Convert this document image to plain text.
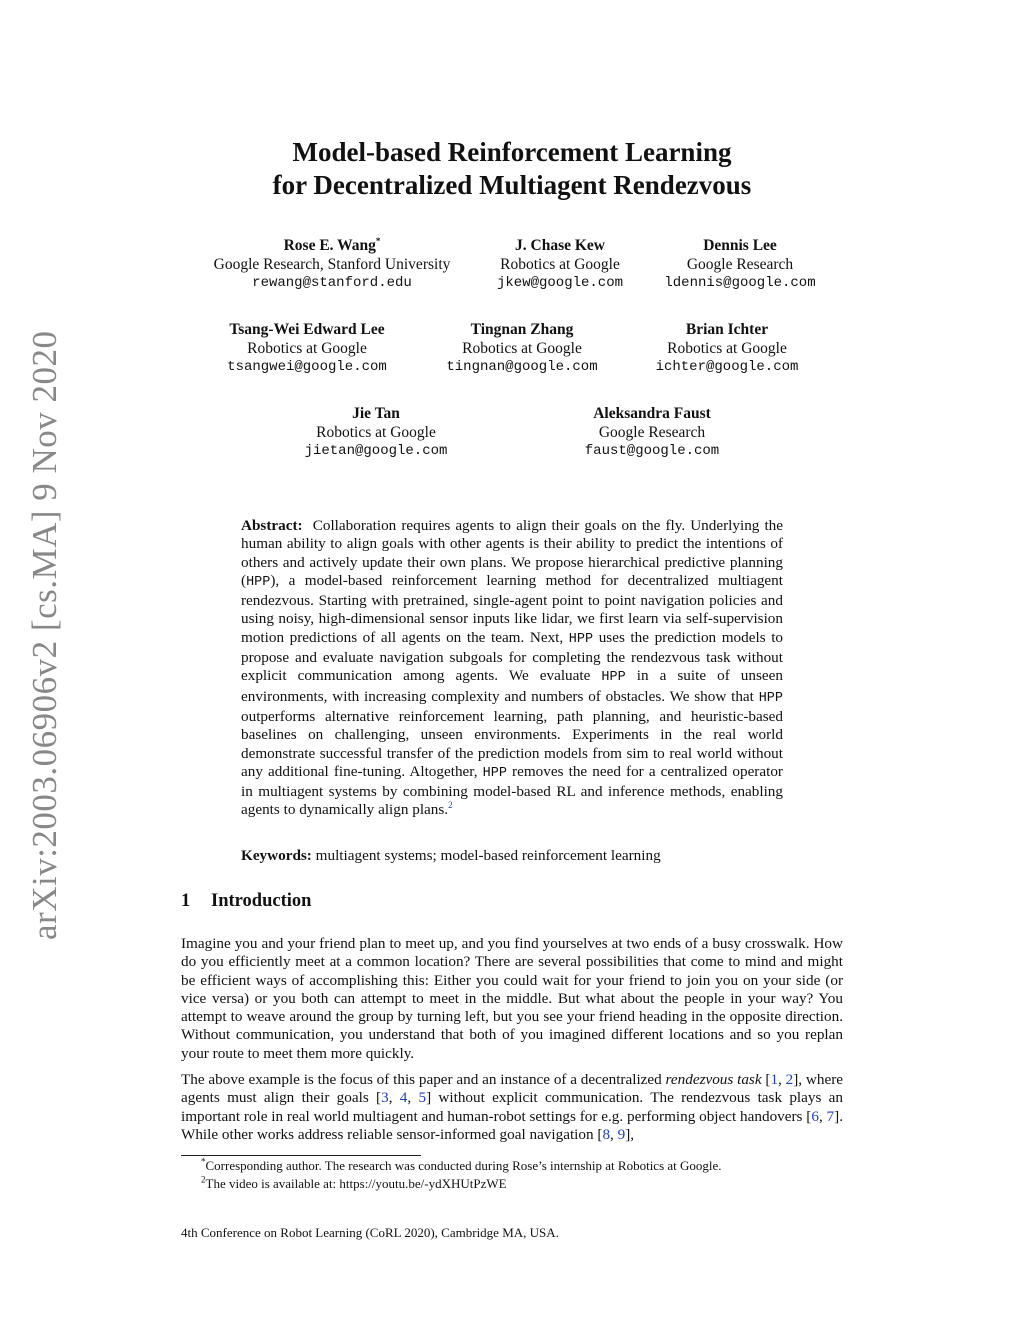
arXiv:2003.06906v2 [cs.MA] 9 Nov 2020
Model-based Reinforcement Learning
for Decentralized Multiagent Rendezvous
Rose E. Wang*
Google Research, Stanford University
rewang@stanford.edu
J. Chase Kew
Robotics at Google
jkew@google.com
Dennis Lee
Google Research
ldennis@google.com
Tsang-Wei Edward Lee
Robotics at Google
tsangwei@google.com
Tingnan Zhang
Robotics at Google
tingnan@google.com
Brian Ichter
Robotics at Google
ichter@google.com
Jie Tan
Robotics at Google
jietan@google.com
Aleksandra Faust
Google Research
faust@google.com
Abstract: Collaboration requires agents to align their goals on the fly. Underlying the human ability to align goals with other agents is their ability to predict the intentions of others and actively update their own plans. We propose hierarchical predictive planning (HPP), a model-based reinforcement learning method for decentralized multiagent rendezvous. Starting with pretrained, single-agent point to point navigation policies and using noisy, high-dimensional sensor inputs like lidar, we first learn via self-supervision motion predictions of all agents on the team. Next, HPP uses the prediction models to propose and evaluate navigation subgoals for completing the rendezvous task without explicit communication among agents. We evaluate HPP in a suite of unseen environments, with increasing complexity and numbers of obstacles. We show that HPP outperforms alternative reinforcement learning, path planning, and heuristic-based baselines on challenging, unseen environments. Experiments in the real world demonstrate successful transfer of the prediction models from sim to real world without any additional fine-tuning. Altogether, HPP removes the need for a centralized operator in multiagent systems by combining model-based RL and inference methods, enabling agents to dynamically align plans.$^2$
Keywords: multiagent systems; model-based reinforcement learning
1 Introduction
Imagine you and your friend plan to meet up, and you find yourselves at two ends of a busy crosswalk. How do you efficiently meet at a common location? There are several possibilities that come to mind and might be efficient ways of accomplishing this: Either you could wait for your friend to join you on your side (or vice versa) or you both can attempt to meet in the middle. But what about the people in your way? You attempt to weave around the group by turning left, but you see your friend heading in the opposite direction. Without communication, you understand that both of you imagined different locations and so you replan your route to meet them more quickly.
The above example is the focus of this paper and an instance of a decentralized rendezvous task [1, 2], where agents must align their goals [3, 4, 5] without explicit communication. The rendezvous task plays an important role in real world multiagent and human-robot settings for e.g. performing object handovers [6, 7]. While other works address reliable sensor-informed goal navigation [8, 9],
*Corresponding author. The research was conducted during Rose’s internship at Robotics at Google.
$^2$The video is available at: https://youtu.be/-ydXHUtPzWE
4th Conference on Robot Learning (CoRL 2020), Cambridge MA, USA.
